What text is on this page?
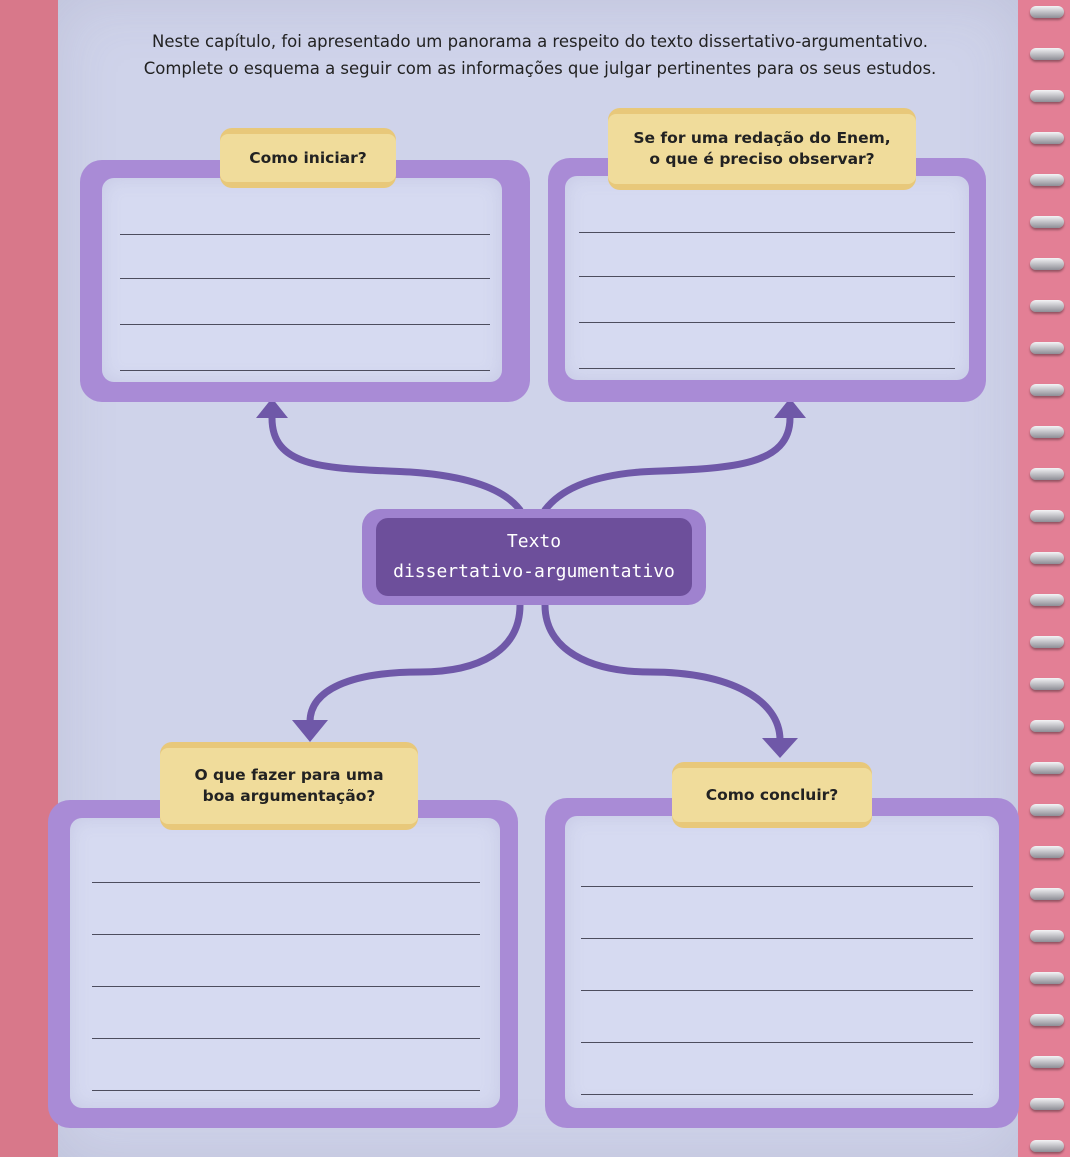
Neste capítulo, foi apresentado um panorama a respeito do texto dissertativo-argumentativo.
Complete o esquema a seguir com as informações que julgar pertinentes para os seus estudos.
Como iniciar?
Se for uma redação do Enem,
o que é preciso observar?
Texto
dissertativo-argumentativo
O que fazer para uma
boa argumentação?	Como concluir?
